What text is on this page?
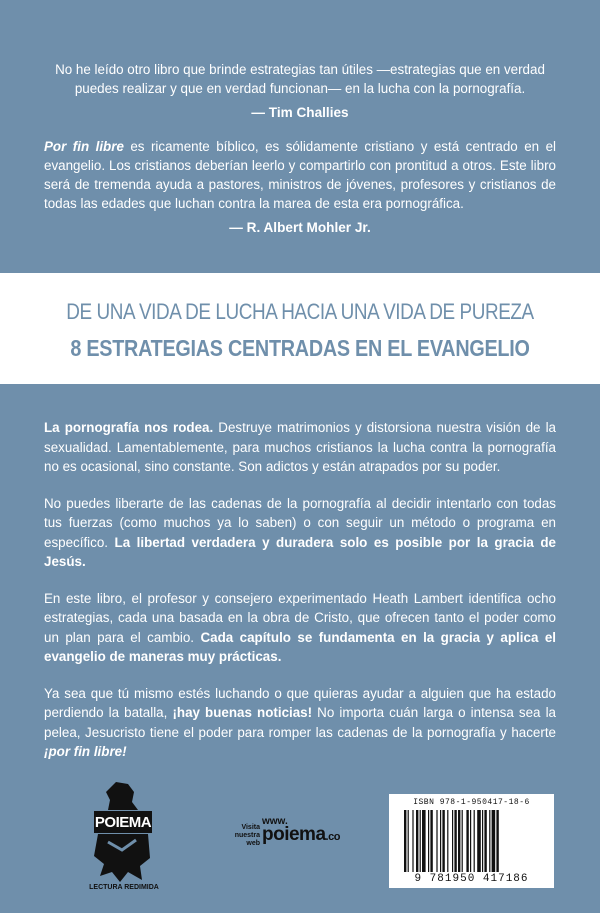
No he leído otro libro que brinde estrategias tan útiles —estrategias que en verdad puedes realizar y que en verdad funcionan— en la lucha con la pornografía.
— Tim Challies
Por fin libre es ricamente bíblico, es sólidamente cristiano y está centrado en el evangelio. Los cristianos deberían leerlo y compartirlo con prontitud a otros. Este libro será de tremenda ayuda a pastores, ministros de jóvenes, profesores y cristianos de todas las edades que luchan contra la marea de esta era pornográfica.
— R. Albert Mohler Jr.
DE UNA VIDA DE LUCHA HACIA UNA VIDA DE PUREZA
8 ESTRATEGIAS CENTRADAS EN EL EVANGELIO

La pornografía nos rodea. Destruye matrimonios y distorsiona nuestra visión de la sexualidad. Lamentablemente, para muchos cristianos la lucha contra la pornografía no es ocasional, sino constante. Son adictos y están atrapados por su poder.

No puedes liberarte de las cadenas de la pornografía al decidir intentarlo con todas tus fuerzas (como muchos ya lo saben) o con seguir un método o programa en específico. La libertad verdadera y duradera solo es posible por la gracia de Jesús.

En este libro, el profesor y consejero experimentado Heath Lambert identifica ocho estrategias, cada una basada en la obra de Cristo, que ofrecen tanto el poder como un plan para el cambio. Cada capítulo se fundamenta en la gracia y aplica el evangelio de maneras muy prácticas.

Ya sea que tú mismo estés luchando o que quieras ayudar a alguien que ha estado perdiendo la batalla, ¡hay buenas noticias! No importa cuán larga o intensa sea la pelea, Jesucristo tiene el poder para romper las cadenas de la pornografía y hacerte ¡por fin libre!

POIEMA
LECTURA REDIMIDA
Visita nuestra web
www.
poiema.co
ISBN 978-1-950417-18-6
9 781950 417186
